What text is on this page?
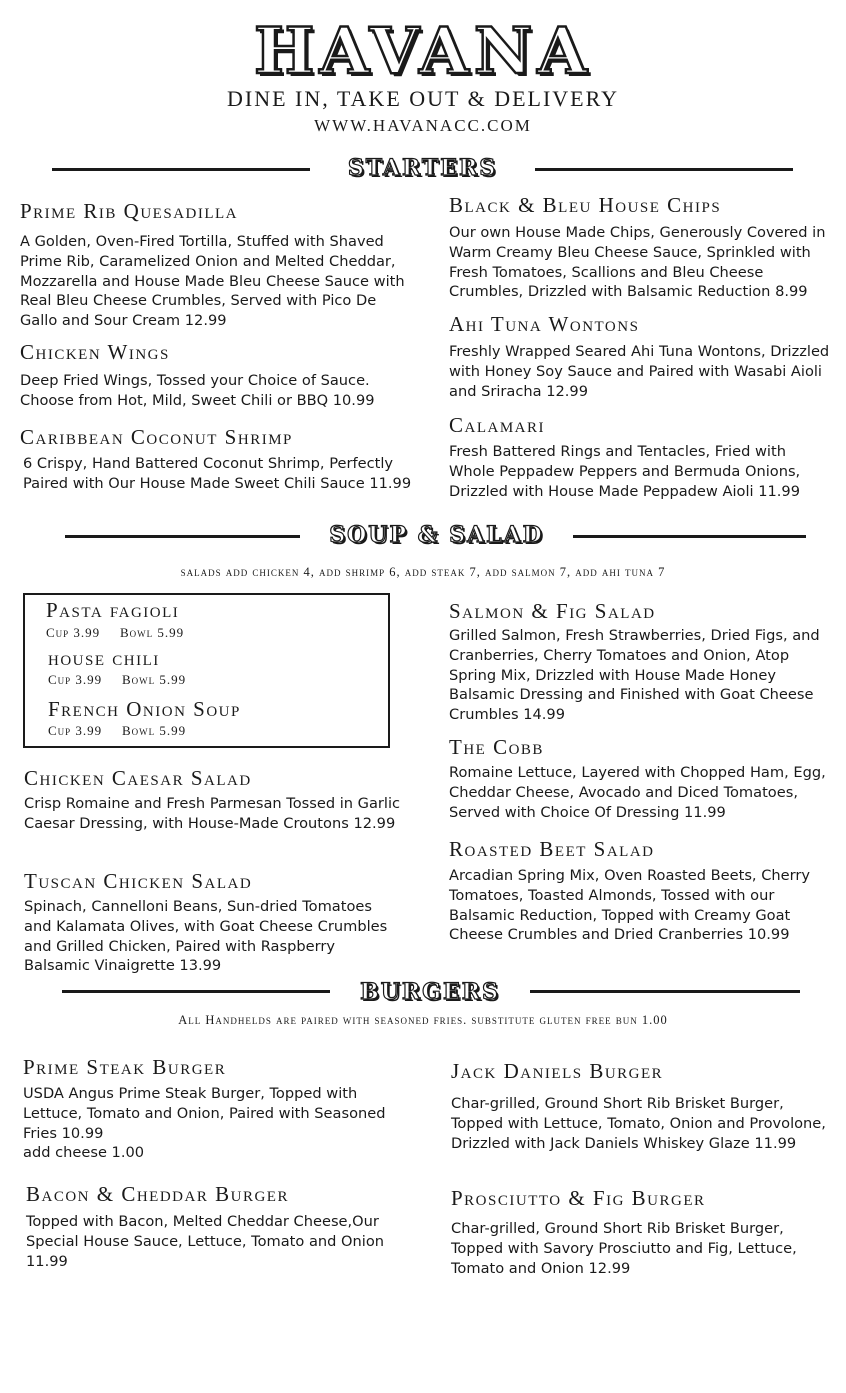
HAVANA
DINE IN, TAKE OUT & DELIVERY
WWW.HAVANACC.COM
STARTERS
Prime Rib Quesadilla
A Golden, Oven-Fired Tortilla, Stuffed with Shaved Prime Rib, Caramelized Onion and Melted Cheddar, Mozzarella and House Made Bleu Cheese Sauce with Real Bleu Cheese Crumbles, Served with Pico De Gallo and Sour Cream 12.99
Chicken Wings
Deep Fried Wings, Tossed your Choice of Sauce. Choose from Hot, Mild, Sweet Chili or BBQ 10.99
Caribbean Coconut Shrimp
6 Crispy, Hand Battered Coconut Shrimp, Perfectly Paired with Our House Made Sweet Chili Sauce 11.99
Black & Bleu House Chips
Our own House Made Chips, Generously Covered in Warm Creamy Bleu Cheese Sauce, Sprinkled with Fresh Tomatoes, Scallions and Bleu Cheese Crumbles, Drizzled with Balsamic Reduction 8.99
Ahi Tuna Wontons
Freshly Wrapped Seared Ahi Tuna Wontons, Drizzled with Honey Soy Sauce and Paired with Wasabi Aioli and Sriracha 12.99
Calamari
Fresh Battered Rings and Tentacles, Fried with Whole Peppadew Peppers and Bermuda Onions, Drizzled with House Made Peppadew Aioli 11.99
SOUP & SALAD
salads add chicken 4, add shrimp 6, add steak 7, add salmon 7, add ahi tuna 7
Pasta fagioli
Cup 3.99 Bowl 5.99
house chili
Cup 3.99 Bowl 5.99
French Onion Soup
Cup 3.99 Bowl 5.99
Chicken Caesar Salad
Crisp Romaine and Fresh Parmesan Tossed in Garlic Caesar Dressing, with House-Made Croutons 12.99
Tuscan Chicken Salad
Spinach, Cannelloni Beans, Sun-dried Tomatoes and Kalamata Olives, with Goat Cheese Crumbles and Grilled Chicken, Paired with Raspberry Balsamic Vinaigrette 13.99
Salmon & Fig Salad
Grilled Salmon, Fresh Strawberries, Dried Figs, and Cranberries, Cherry Tomatoes and Onion, Atop Spring Mix, Drizzled with House Made Honey Balsamic Dressing and Finished with Goat Cheese Crumbles 14.99
The Cobb
Romaine Lettuce, Layered with Chopped Ham, Egg, Cheddar Cheese, Avocado and Diced Tomatoes, Served with Choice Of Dressing 11.99
Roasted Beet Salad
Arcadian Spring Mix, Oven Roasted Beets, Cherry Tomatoes, Toasted Almonds, Tossed with our Balsamic Reduction, Topped with Creamy Goat Cheese Crumbles and Dried Cranberries 10.99
BURGERS
All Handhelds are paired with seasoned fries. substitute gluten free bun 1.00
Prime Steak Burger
USDA Angus Prime Steak Burger, Topped with Lettuce, Tomato and Onion, Paired with Seasoned Fries 10.99
add cheese 1.00
Bacon & Cheddar Burger
Topped with Bacon, Melted Cheddar Cheese,Our Special House Sauce, Lettuce, Tomato and Onion 11.99
Jack Daniels Burger
Char-grilled, Ground Short Rib Brisket Burger, Topped with Lettuce, Tomato, Onion and Provolone, Drizzled with Jack Daniels Whiskey Glaze 11.99
Prosciutto & Fig Burger
Char-grilled, Ground Short Rib Brisket Burger, Topped with Savory Prosciutto and Fig, Lettuce, Tomato and Onion 12.99
